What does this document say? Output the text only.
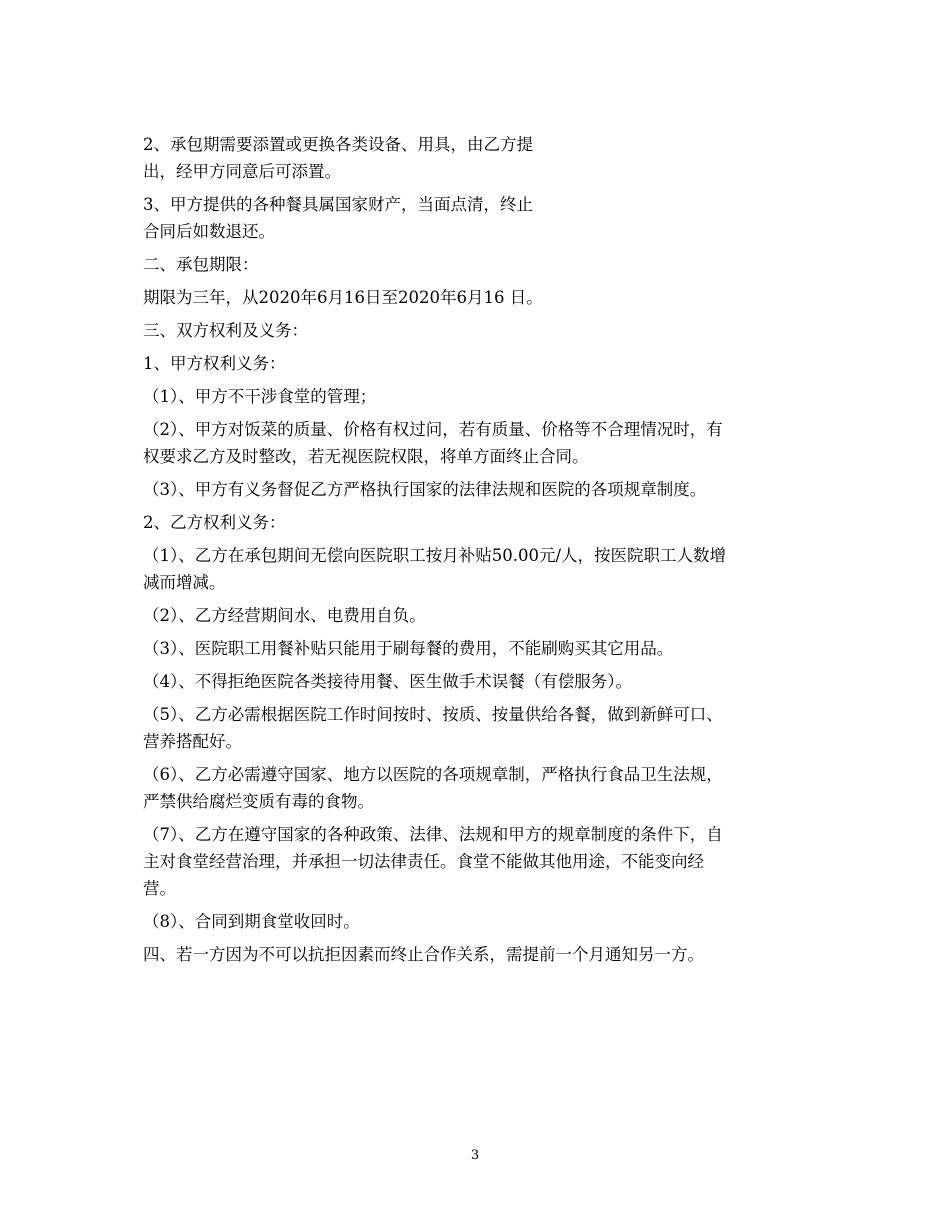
2、承包期需要添置或更换各类设备、用具，由乙方提
出，经甲方同意后可添置。
3、甲方提供的各种餐具属国家财产，当面点清，终止
合同后如数退还。
二、承包期限：
期限为三年，从2020年6月16日至2020年6月16 日。
三、双方权利及义务：
1、甲方权利义务：
（1）、甲方不干涉食堂的管理；
（2）、甲方对饭菜的质量、价格有权过问，若有质量、价格等不合理情况时，有
权要求乙方及时整改，若无视医院权限，将单方面终止合同。
（3）、甲方有义务督促乙方严格执行国家的法律法规和医院的各项规章制度。
2、乙方权利义务：
（1）、乙方在承包期间无偿向医院职工按月补贴50.00元/人，按医院职工人数增
减而增减。
（2）、乙方经营期间水、电费用自负。
（3）、医院职工用餐补贴只能用于刷每餐的费用，不能刷购买其它用品。
（4）、不得拒绝医院各类接待用餐、医生做手术误餐（有偿服务）。
（5）、乙方必需根据医院工作时间按时、按质、按量供给各餐，做到新鲜可口、
营养搭配好。
（6）、乙方必需遵守国家、地方以医院的各项规章制，严格执行食品卫生法规，
严禁供给腐烂变质有毒的食物。
（7）、乙方在遵守国家的各种政策、法律、法规和甲方的规章制度的条件下，自
主对食堂经营治理，并承担一切法律责任。食堂不能做其他用途，不能变向经
营。
（8）、合同到期食堂收回时。
四、若一方因为不可以抗拒因素而终止合作关系，需提前一个月通知另一方。
3
